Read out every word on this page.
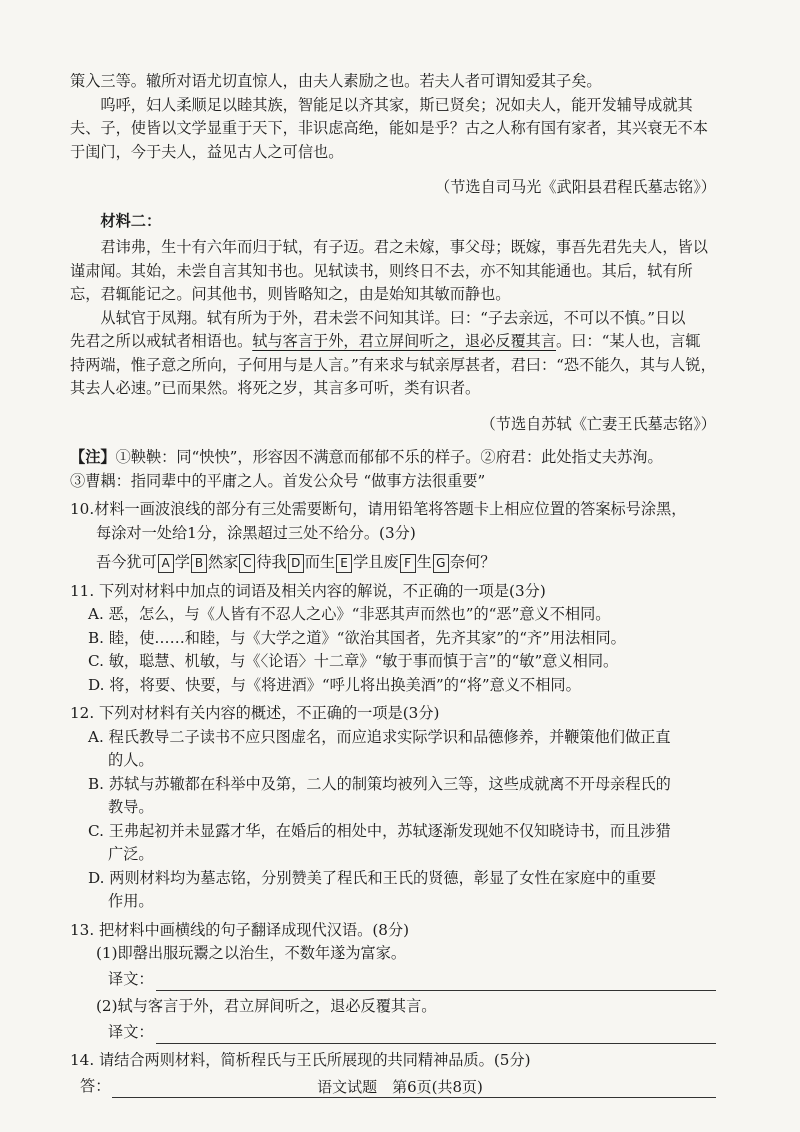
策入三等。辙所对语尤切直惊人，由夫人素励之也。若夫人者可谓知爱其子矣。

呜呼，妇人柔顺足以睦其族，智能足以齐其家，斯已贤矣；况如夫人，能开发辅导成就其

夫、子，使皆以文学显重于天下，非识虑高绝，能如是乎？古之人称有国有家者，其兴衰无不本

于闺门，今于夫人，益见古人之可信也。

（节选自司马光《武阳县君程氏墓志铭》）

材料二：

君讳弗，生十有六年而归于轼，有子迈。君之未嫁，事父母；既嫁，事吾先君先夫人，皆以

谨肃闻。其始，未尝自言其知书也。见轼读书，则终日不去，亦不知其能通也。其后，轼有所

忘，君辄能记之。问其他书，则皆略知之，由是始知其敏而静也。

从轼官于凤翔。轼有所为于外，君未尝不问知其详。曰：“子去亲远，不可以不慎。”日以

先君之所以戒轼者相语也。轼与客言于外，君立屏间听之，退必反覆其言。曰：“某人也，言辄

持两端，惟子意之所向，子何用与是人言。”有来求与轼亲厚甚者，君曰：“恐不能久，其与人锐，

其去人必速。”已而果然。将死之岁，其言多可听，类有识者。

（节选自苏轼《亡妻王氏墓志铭》）

【注】①鞅鞅：同“怏怏”，形容因不满意而郁郁不乐的样子。②府君：此处指丈夫苏洵。

③曹耦：指同辈中的平庸之人。首发公众号 “做事方法很重要”

10.材料一画波浪线的部分有三处需要断句，请用铅笔将答题卡上相应位置的答案标号涂黑，

每涂对一处给1分，涂黑超过三处不给分。(3分)

吾今犹可 A 学 B 然家 C 待我 D 而生 E 学且废 F 生 G 奈何？

11. 下列对材料中加点的词语及相关内容的解说，不正确的一项是(3分)

A. 恶，怎么，与《人皆有不忍人之心》“非恶其声而然也”的“恶”意义不相同。

B. 睦，使……和睦，与《大学之道》“欲治其国者，先齐其家”的“齐”用法相同。

C. 敏，聪慧、机敏，与《〈论语〉十二章》“敏于事而慎于言”的“敏”意义相同。

D. 将，将要、快要，与《将进酒》“呼儿将出换美酒”的“将”意义不相同。

12. 下列对材料有关内容的概述，不正确的一项是(3分)

A. 程氏教导二子读书不应只图虚名，而应追求实际学识和品德修养，并鞭策他们做正直

的人。

B. 苏轼与苏辙都在科举中及第，二人的制策均被列入三等，这些成就离不开母亲程氏的

教导。

C. 王弗起初并未显露才华，在婚后的相处中，苏轼逐渐发现她不仅知晓诗书，而且涉猎

广泛。

D. 两则材料均为墓志铭，分别赞美了程氏和王氏的贤德，彰显了女性在家庭中的重要

作用。

13. 把材料中画横线的句子翻译成现代汉语。(8分)

(1)即罄出服玩鬻之以治生，不数年遂为富家。

译文：

(2)轼与客言于外，君立屏间听之，退必反覆其言。

译文：

14. 请结合两则材料，简析程氏与王氏所展现的共同精神品质。(5分)

答：	语文试题　第6页(共8页)
